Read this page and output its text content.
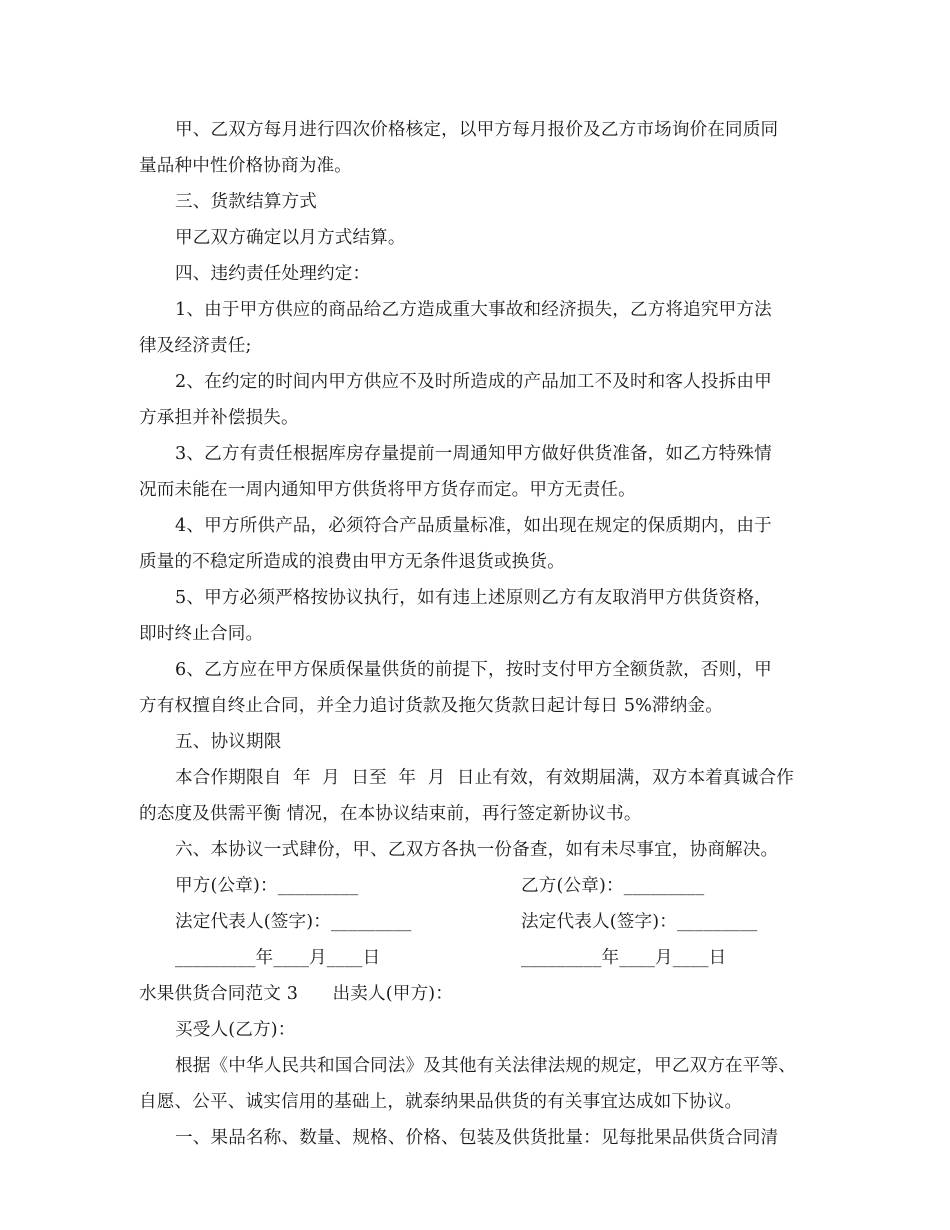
甲、乙双方每月进行四次价格核定，以甲方每月报价及乙方市场询价在同质同
量品种中性价格协商为准。
三、货款结算方式
甲乙双方确定以月方式结算。
四、违约责任处理约定：
1、由于甲方供应的商品给乙方造成重大事故和经济损失，乙方将追究甲方法
律及经济责任;
2、在约定的时间内甲方供应不及时所造成的产品加工不及时和客人投拆由甲
方承担并补偿损失。
3、乙方有责任根据库房存量提前一周通知甲方做好供货准备，如乙方特殊情
况而未能在一周内通知甲方供货将甲方货存而定。甲方无责任。
4、甲方所供产品，必须符合产品质量标准，如出现在规定的保质期内，由于
质量的不稳定所造成的浪费由甲方无条件退货或换货。
5、甲方必须严格按协议执行，如有违上述原则乙方有友取消甲方供货资格，
即时终止合同。
6、乙方应在甲方保质保量供货的前提下，按时支付甲方全额货款，否则，甲
方有权擅自终止合同，并全力追讨货款及拖欠货款日起计每日 5%滞纳金。
五、协议期限
本合作期限自  年  月  日至  年  月  日止有效，有效期届满，双方本着真诚合作
的态度及供需平衡 情况，在本协议结束前，再行签定新协议书。
六、本协议一式肆份，甲、乙双方各执一份备查，如有未尽事宜，协商解决。
甲方(公章)：_________	乙方(公章)：_________
法定代表人(签字)：_________	法定代表人(签字)：_________
_________年____月____日	_________年____月____日
水果供货合同范文 3      出卖人(甲方)：
买受人(乙方)：
根据《中华人民共和国合同法》及其他有关法律法规的规定，甲乙双方在平等、
自愿、公平、诚实信用的基础上，就泰纳果品供货的有关事宜达成如下协议。
一、果品名称、数量、规格、价格、包装及供货批量：见每批果品供货合同清
